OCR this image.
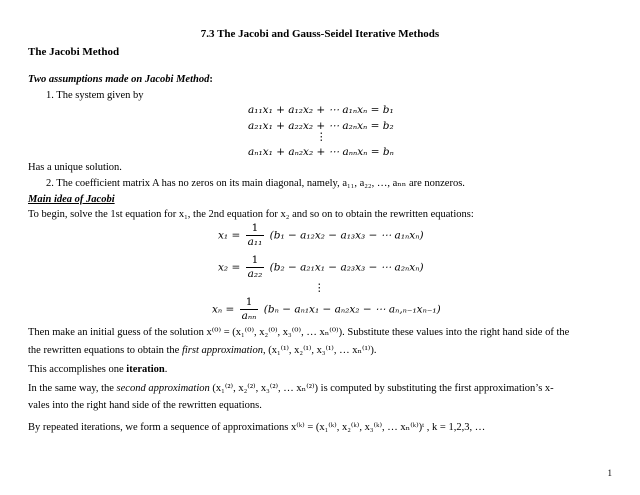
7.3 The Jacobi and Gauss-Seidel Iterative Methods
The Jacobi Method
Two assumptions made on Jacobi Method:
1. The system given by
a₁₁x₁ + a₁₂x₂ + ⋯ a₁ₙxₙ = b₁
a₂₁x₁ + a₂₂x₂ + ⋯ a₂ₙxₙ = b₂
⋮
aₙ₁x₁ + aₙ₂x₂ + ⋯ aₙₙxₙ = bₙ
Has a unique solution.
2. The coefficient matrix A has no zeros on its main diagonal, namely, a₁₁, a₂₂, …, aₙₙ are nonzeros.
Main idea of Jacobi
To begin, solve the 1st equation for x₁, the 2nd equation for x₂ and so on to obtain the rewritten equations:
$x_1 = \frac{1}{\text{a₁₁}} (b_1 - a_{12}x_2 - a_{13}x_3$ − ⋯ a₁ₙxₙ)
$x_2 = \frac{1}{\text{a₂₂}} (b_2 - a_{21}x_1 - a_{23}x_3$ − ⋯ a₂ₙxₙ)
⋮
$x_n = \frac{1}{\text{aₙₙ}} (b_n - a_{n1}x_1 - a_{n2}x_2$ − ⋯ aₙ,ₙ₋₁xₙ₋₁)
Then make an initial guess of the solution x⁽⁰⁾ = (x₁⁽⁰⁾, x₂⁽⁰⁾, x₃⁽⁰⁾, … xₙ⁽⁰⁾). Substitute these values into the right hand side of the
the rewritten equations to obtain the first approximation, (x₁⁽¹⁾, x₂⁽¹⁾, x₃⁽¹⁾, … xₙ⁽¹⁾).
This accomplishes one iteration.
In the same way, the second approximation (x₁⁽²⁾, x₂⁽²⁾, x₃⁽²⁾, … xₙ⁽²⁾) is computed by substituting the first approximation’s x-
vales into the right hand side of the rewritten equations.
By repeated iterations, we form a sequence of approximations x⁽ᵏ⁾ = (x₁⁽ᵏ⁾, x₂⁽ᵏ⁾, x₃⁽ᵏ⁾, … xₙ⁽ᵏ⁾)ᵗ , k = 1,2,3, …
1
